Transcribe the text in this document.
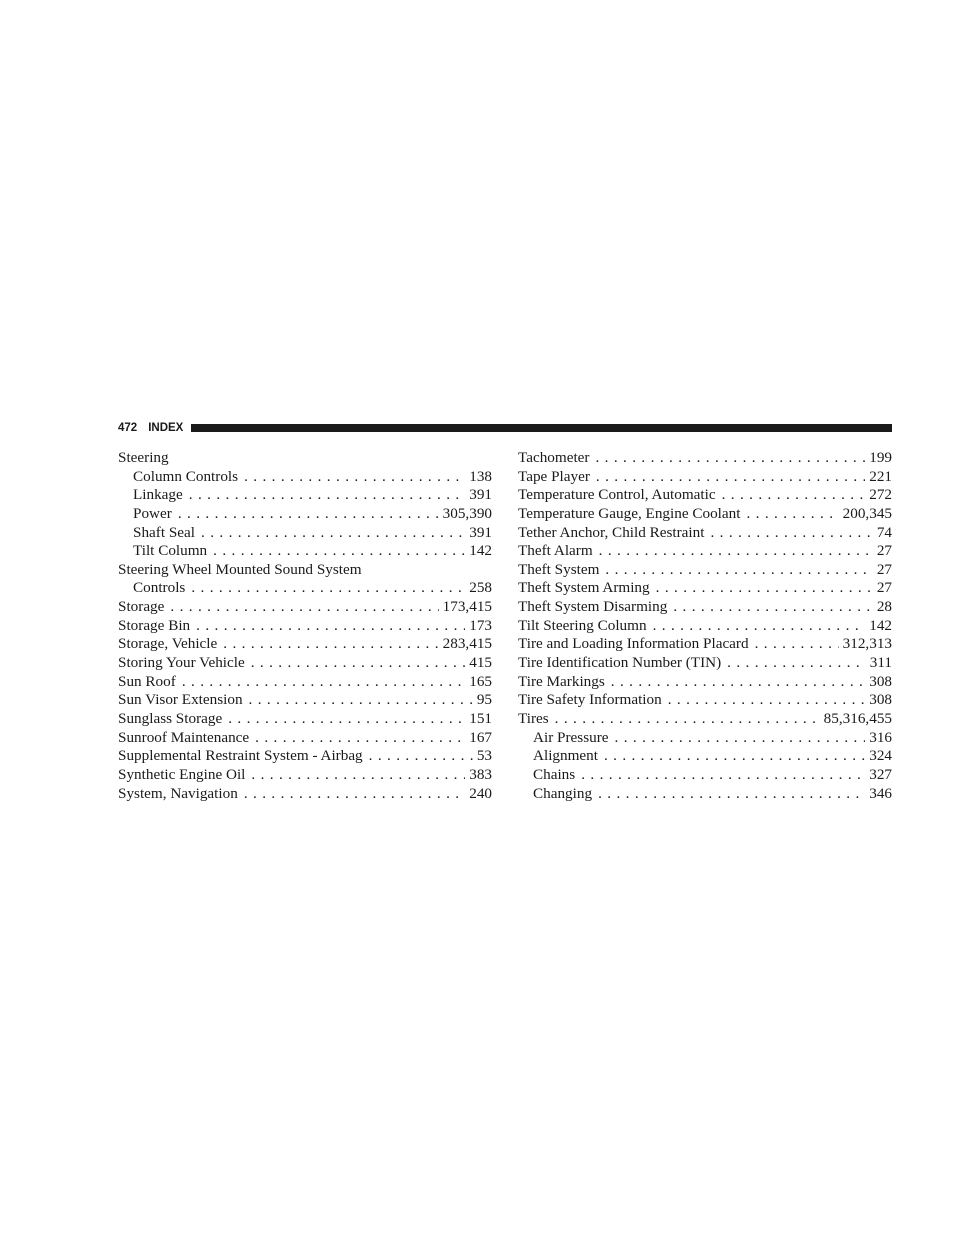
472 INDEX
Steering
Column Controls . . .	138
Linkage . . .	391
Power . . .	305,390
Shaft Seal . . .	391
Tilt Column . . .	142
Steering Wheel Mounted Sound System
Controls . . .	258
Storage . . .	173,415
Storage Bin . . .	173
Storage, Vehicle . . .	283,415
Storing Your Vehicle . . .	415
Sun Roof . . .	165
Sun Visor Extension . . .	95
Sunglass Storage . . .	151
Sunroof Maintenance . . .	167
Supplemental Restraint System - Airbag . . .	53
Synthetic Engine Oil . . .	383
System, Navigation . . .	240
Tachometer . . .	199
Tape Player . . .	221
Temperature Control, Automatic . . .	272
Temperature Gauge, Engine Coolant . . .	200,345
Tether Anchor, Child Restraint . . .	74
Theft Alarm . . .	27
Theft System . . .	27
Theft System Arming . . .	27
Theft System Disarming . . .	28
Tilt Steering Column . . .	142
Tire and Loading Information Placard . . .	312,313
Tire Identification Number (TIN) . . .	311
Tire Markings . . .	308
Tire Safety Information . . .	308
Tires . . .	85,316,455
Air Pressure . . .	316
Alignment . . .	324
Chains . . .	327
Changing . . .	346
